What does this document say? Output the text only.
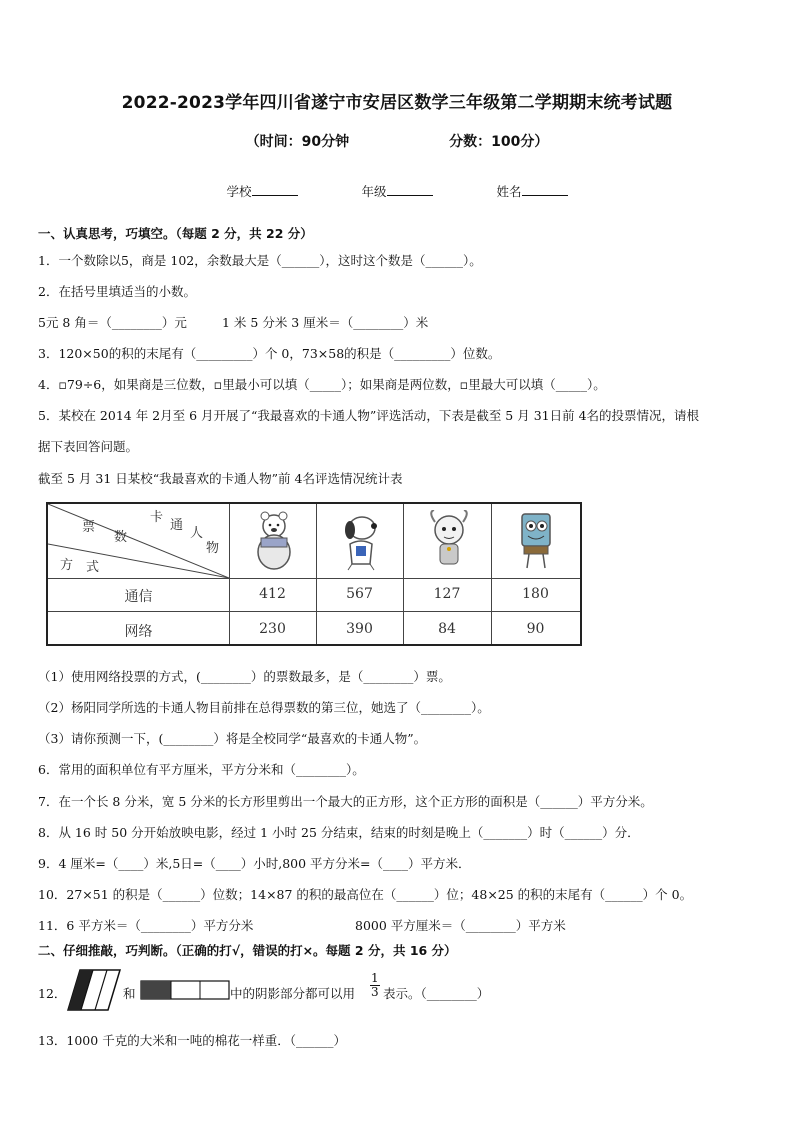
2022-2023学年四川省遂宁市安居区数学三年级第二学期期末统考试题
（时间：90分钟	分数：100分）
学校	年级	姓名
一、认真思考，巧填空。（每题 2 分，共 22 分）
1．一个数除以5，商是 102，余数最大是（______），这时这个数是（______）。
2．在括号里填适当的小数。
5元 8 角＝（________）元	1 米 5 分米 3 厘米＝（________）米
3．120×50的积的末尾有（_________）个 0，73×58的积是（_________）位数。
4．▫79÷6，如果商是三位数，▫里最小可以填（_____）；如果商是两位数，▫里最大可以填（_____）。
5．某校在 2014 年 2月至 6 月开展了“我最喜欢的卡通人物”评选活动，下表是截至 5 月 31日前 4名的投票情况，请根
据下表回答问题。
截至 5 月 31 日某校“我最喜欢的卡通人物”前 4名评选情况统计表
票
数
卡
通
人
物
方 式
通信	412	567	127	180
网络	230	390	84	90
（1）使用网络投票的方式，(________）的票数最多，是（________）票。
（2）杨阳同学所选的卡通人物目前排在总得票数的第三位，她选了（________）。
（3）请你预测一下，(________）将是全校同学“最喜欢的卡通人物”。
6．常用的面积单位有平方厘米，平方分米和（________）。
7．在一个长 8 分米，宽 5 分米的长方形里剪出一个最大的正方形，这个正方形的面积是（______）平方分米。
8．从 16 时 50 分开始放映电影，经过 1 小时 25 分结束，结束的时刻是晚上（_______）时（______）分．
9．4 厘米=（____）米,5日=（____）小时,800 平方分米=（____）平方米．
10．27×51 的积是（______）位数；14×87 的积的最高位在（______）位；48×25 的积的末尾有（______）个 0。
11．6 平方米＝（________）平方分米	8000 平方厘米＝（________）平方米
二、仔细推敲，巧判断。（正确的打√，错误的打×。每题 2 分，共 16 分）
12．	和	中的阴影部分都可以用 $\frac{1}{3}$ 表示。（________）
13．1000 千克的大米和一吨的棉花一样重．（______）
